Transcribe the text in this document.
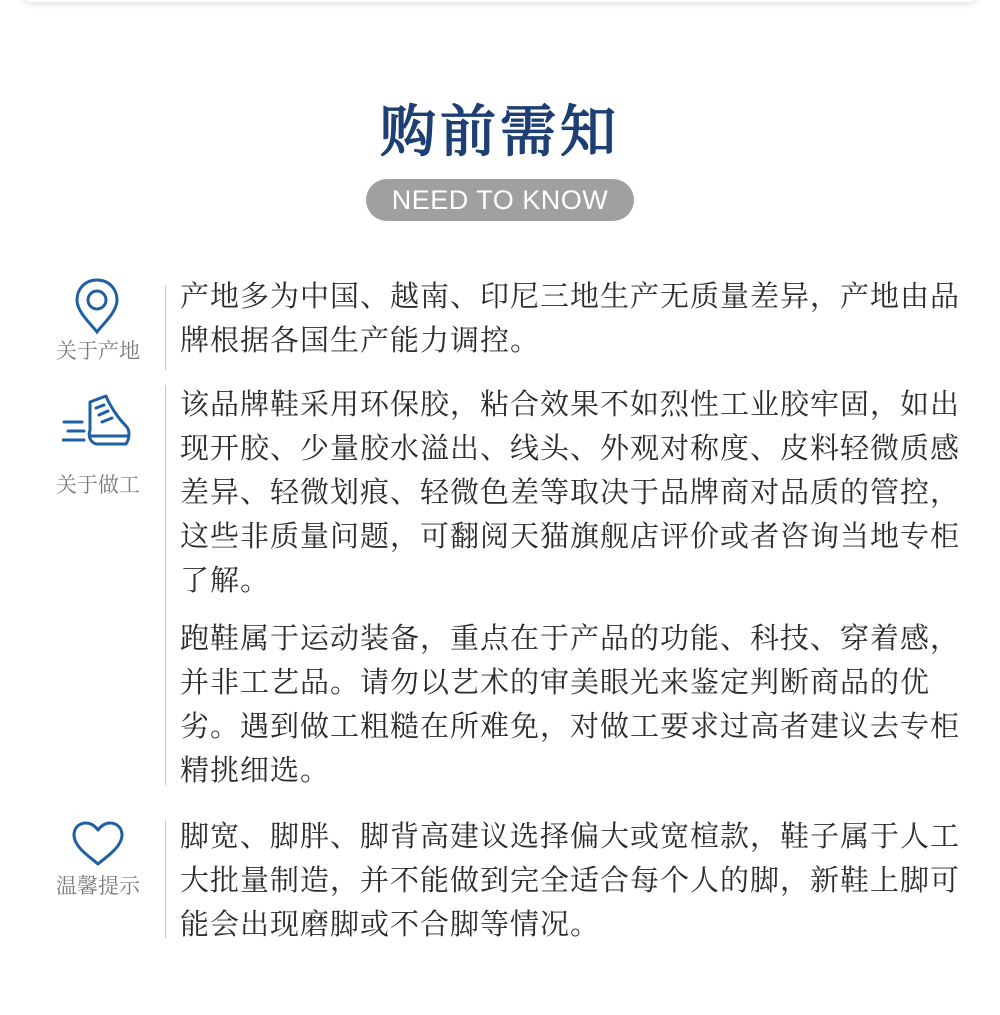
购前需知
NEED TO KNOW
关于产地

产地多为中国、越南、印尼三地生产无质量差异，产地由品牌根据各国生产能力调控。

关于做工

该品牌鞋采用环保胶，粘合效果不如烈性工业胶牢固，如出现开胶、少量胶水溢出、线头、外观对称度、皮料轻微质感差异、轻微划痕、轻微色差等取决于品牌商对品质的管控，这些非质量问题，可翻阅天猫旗舰店评价或者咨询当地专柜了解。

跑鞋属于运动装备，重点在于产品的功能、科技、穿着感，并非工艺品。请勿以艺术的审美眼光来鉴定判断商品的优劣。遇到做工粗糙在所难免，对做工要求过高者建议去专柜精挑细选。

温馨提示

脚宽、脚胖、脚背高建议选择偏大或宽楦款，鞋子属于人工大批量制造，并不能做到完全适合每个人的脚，新鞋上脚可能会出现磨脚或不合脚等情况。
